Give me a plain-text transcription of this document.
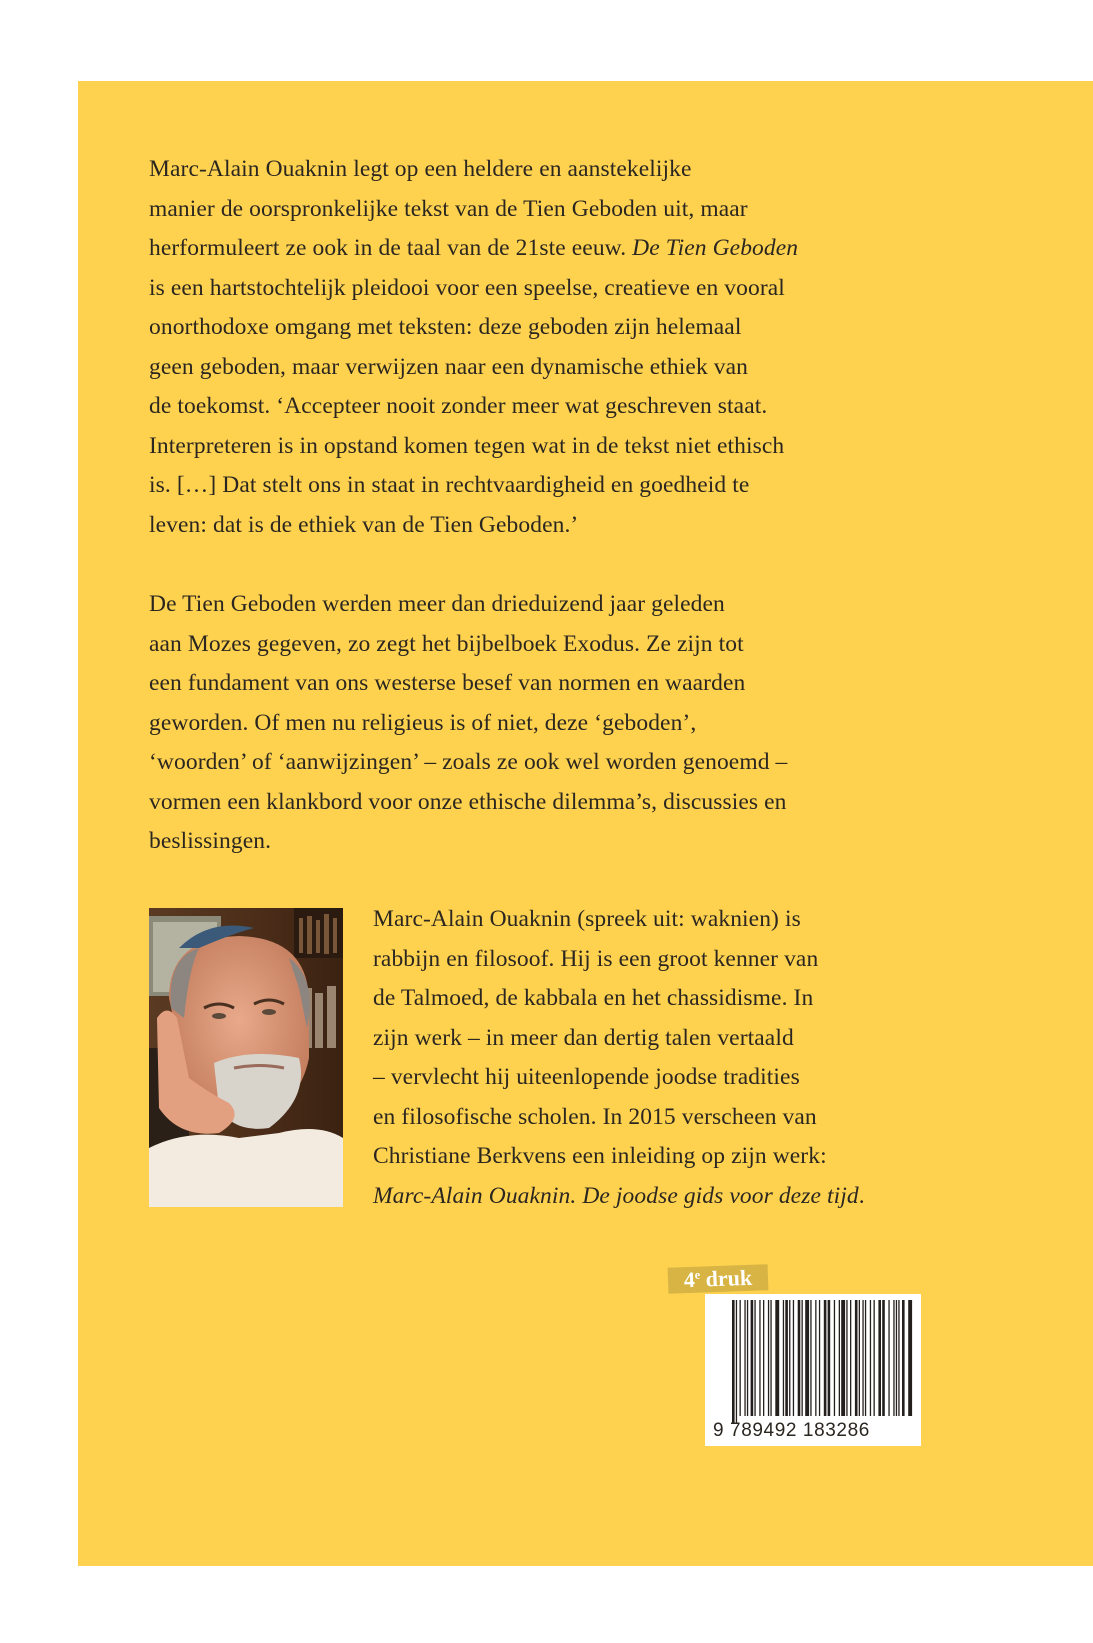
Marc-Alain Ouaknin legt op een heldere en aanstekelijke
manier de oorspronkelijke tekst van de Tien Geboden uit, maar
herformuleert ze ook in de taal van de 21ste eeuw. De Tien Geboden
is een hartstochtelijk pleidooi voor een speelse, creatieve en vooral
onorthodoxe omgang met teksten: deze geboden zijn helemaal
geen geboden, maar verwijzen naar een dynamische ethiek van
de toekomst. ‘Accepteer nooit zonder meer wat geschreven staat.
Interpreteren is in opstand komen tegen wat in de tekst niet ethisch
is. […] Dat stelt ons in staat in rechtvaardigheid en goedheid te
leven: dat is de ethiek van de Tien Geboden.’
De Tien Geboden werden meer dan drieduizend jaar geleden
aan Mozes gegeven, zo zegt het bijbelboek Exodus. Ze zijn tot
een fundament van ons westerse besef van normen en waarden
geworden. Of men nu religieus is of niet, deze ‘geboden’,
‘woorden’ of ‘aanwijzingen’ – zoals ze ook wel worden genoemd –
vormen een klankbord voor onze ethische dilemma’s, discussies en
beslissingen.
Marc-Alain Ouaknin (spreek uit: waknien) is
rabbijn en filosoof. Hij is een groot kenner van
de Talmoed, de kabbala en het chassidisme. In
zijn werk – in meer dan dertig talen vertaald
– vervlecht hij uiteenlopende joodse tradities
en filosofische scholen. In 2015 verscheen van
Christiane Berkvens een inleiding op zijn werk:
Marc-Alain Ouaknin. De joodse gids voor deze tijd.
4e druk
9 789492 183286
